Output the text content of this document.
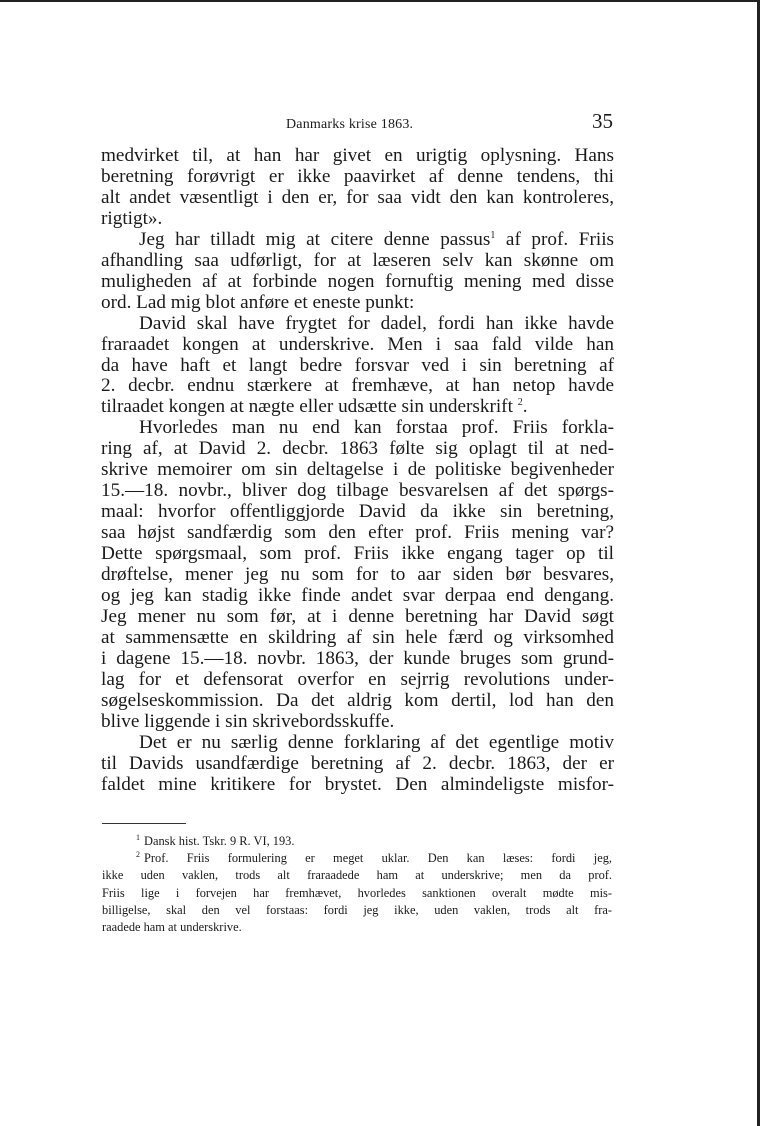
Danmarks krise 1863.	35
medvirket til, at han har givet en urigtig oplysning. Hans
beretning forøvrigt er ikke paavirket af denne tendens, thi
alt andet væsentligt i den er, for saa vidt den kan kontroleres,
rigtigt».
Jeg har tilladt mig at citere denne passus$^1$ af prof. Friis
afhandling saa udførligt, for at læseren selv kan skønne om
muligheden af at forbinde nogen fornuftig mening med disse
ord. Lad mig blot anføre et eneste punkt:
David skal have frygtet for dadel, fordi han ikke havde
fraraadet kongen at underskrive. Men i saa fald vilde han
da have haft et langt bedre forsvar ved i sin beretning af
2. decbr. endnu stærkere at fremhæve, at han netop havde
tilraadet kongen at nægte eller udsætte sin underskrift $^2$.
Hvorledes man nu end kan forstaa prof. Friis forkla-
ring af, at David 2. decbr. 1863 følte sig oplagt til at ned-
skrive memoirer om sin deltagelse i de politiske begivenheder
15.—18. novbr., bliver dog tilbage besvarelsen af det spørgs-
maal: hvorfor offentliggjorde David da ikke sin beretning,
saa højst sandfærdig som den efter prof. Friis mening var?
Dette spørgsmaal, som prof. Friis ikke engang tager op til
drøftelse, mener jeg nu som for to aar siden bør besvares,
og jeg kan stadig ikke finde andet svar derpaa end dengang.
Jeg mener nu som før, at i denne beretning har David søgt
at sammensætte en skildring af sin hele færd og virksomhed
i dagene 15.—18. novbr. 1863, der kunde bruges som grund-
lag for et defensorat overfor en sejrrig revolutions under-
søgelseskommission. Da det aldrig kom dertil, lod han den
blive liggende i sin skrivebordsskuffe.
Det er nu særlig denne forklaring af det egentlige motiv
til Davids usandfærdige beretning af 2. decbr. 1863, der er
faldet mine kritikere for brystet. Den almindeligste misfor-
$^1$ Dansk hist. Tskr. 9 R. VI, 193.
$^2$ Prof. Friis formulering er meget uklar. Den kan læses: fordi jeg,
ikke uden vaklen, trods alt fraraadede ham at underskrive; men da prof.
Friis lige i forvejen har fremhævet, hvorledes sanktionen overalt mødte mis-
billigelse, skal den vel forstaas: fordi jeg ikke, uden vaklen, trods alt fra-
raadede ham at underskrive.
